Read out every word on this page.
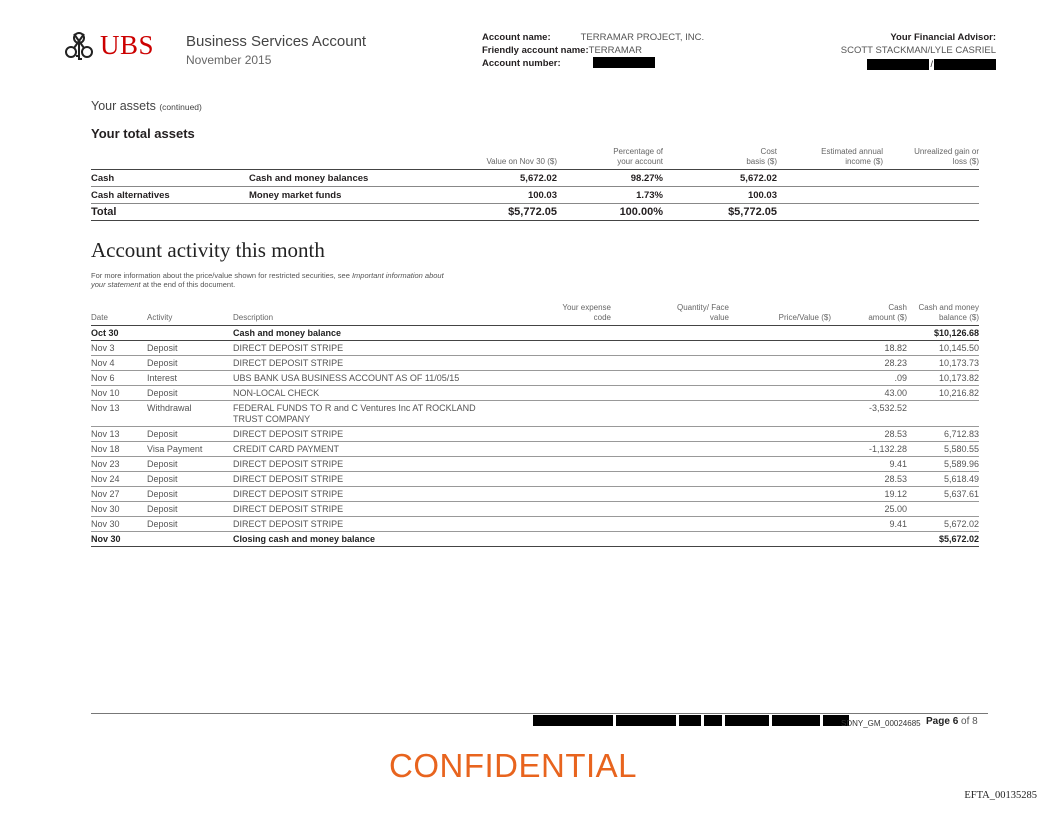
UBS Business Services Account
November 2015
Account name:	TERRAMAR PROJECT, INC.
Friendly account name:TERRAMAR
Account number:
Your Financial Advisor:
SCOTT STACKMAN/LYLE CASRIEL
/
Your assets (continued)
Your total assets
		Value on Nov 30 ($)	Percentage of your account	Cost basis ($)	Estimated annual income ($)	Unrealized gain or loss ($)
Cash	Cash and money balances	5,672.02	98.27%	5,672.02		
Cash alternatives	Money market funds	100.03	1.73%	100.03		
Total		$5,772.05	100.00%	$5,772.05		
Account activity this month
For more information about the price/value shown for restricted securities, see Important information about
your statement at the end of this document.
Date	Activity	Description	Your expense code	Quantity/ Face value	Price/Value ($)	Cash amount ($)	Cash and money balance ($)
Oct 30		Cash and money balance					$10,126.68
Nov 3	Deposit	DIRECT DEPOSIT STRIPE				18.82	10,145.50
Nov 4	Deposit	DIRECT DEPOSIT STRIPE				28.23	10,173.73
Nov 6	Interest	UBS BANK USA BUSINESS ACCOUNT AS OF 11/05/15				.09	10,173.82
Nov 10	Deposit	NON-LOCAL CHECK				43.00	10,216.82
Nov 13	Withdrawal	FEDERAL FUNDS TO R and C Ventures Inc AT ROCKLAND TRUST COMPANY				-3,532.52	
Nov 13	Deposit	DIRECT DEPOSIT STRIPE				28.53	6,712.83
Nov 18	Visa Payment	CREDIT CARD PAYMENT				-1,132.28	5,580.55
Nov 23	Deposit	DIRECT DEPOSIT STRIPE				9.41	5,589.96
Nov 24	Deposit	DIRECT DEPOSIT STRIPE				28.53	5,618.49
Nov 27	Deposit	DIRECT DEPOSIT STRIPE				19.12	5,637.61
Nov 30	Deposit	DIRECT DEPOSIT STRIPE				25.00	
Nov 30	Deposit	DIRECT DEPOSIT STRIPE				9.41	5,672.02
Nov 30		Closing cash and money balance					$5,672.02
SDNY_GM_00024685 Page 6 of 8
CONFIDENTIAL
EFTA_00135285
